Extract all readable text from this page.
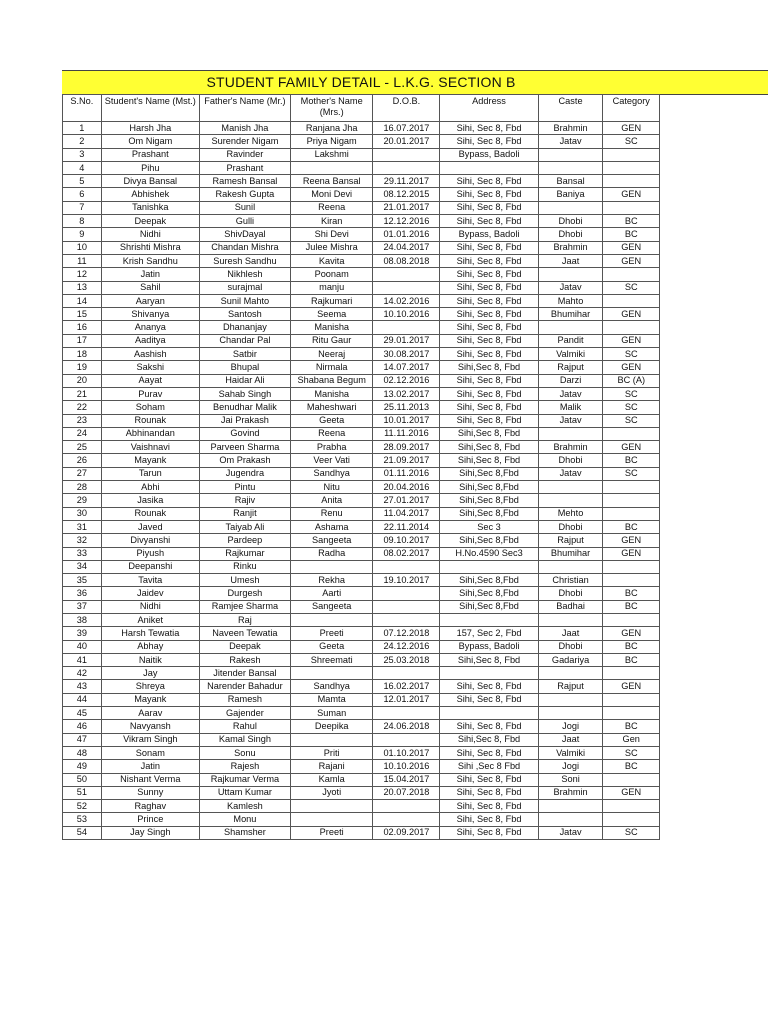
STUDENT FAMILY DETAIL - L.K.G. SECTION B
S.No.	Student's Name (Mst.)	Father's Name (Mr.)	Mother's Name (Mrs.)	D.O.B.	Address	Caste	Category
1	Harsh Jha	Manish Jha	Ranjana Jha	16.07.2017	Sihi, Sec 8, Fbd	Brahmin	GEN
2	Om Nigam	Surender Nigam	Priya Nigam	20.01.2017	Sihi, Sec 8, Fbd	Jatav	SC
3	Prashant	Ravinder	Lakshmi		Bypass, Badoli		
4	Pihu	Prashant					
5	Divya Bansal	Ramesh Bansal	Reena Bansal	29.11.2017	Sihi, Sec 8, Fbd	Bansal	
6	Abhishek	Rakesh Gupta	Moni Devi	08.12.2015	Sihi, Sec 8, Fbd	Baniya	GEN
7	Tanishka	Sunil	Reena	21.01.2017	Sihi, Sec 8, Fbd		
8	Deepak	Gulli	Kiran	12.12.2016	Sihi, Sec 8, Fbd	Dhobi	BC
9	Nidhi	ShivDayal	Shi Devi	01.01.2016	Bypass, Badoli	Dhobi	BC
10	Shrishti Mishra	Chandan Mishra	Julee Mishra	24.04.2017	Sihi, Sec 8, Fbd	Brahmin	GEN
11	Krish Sandhu	Suresh Sandhu	Kavita	08.08.2018	Sihi, Sec 8, Fbd	Jaat	GEN
12	Jatin	Nikhlesh	Poonam		Sihi, Sec 8, Fbd		
13	Sahil	surajmal	manju		Sihi, Sec 8, Fbd	Jatav	SC
14	Aaryan	Sunil Mahto	Rajkumari	14.02.2016	Sihi, Sec 8, Fbd	Mahto	
15	Shivanya	Santosh	Seema	10.10.2016	Sihi, Sec 8, Fbd	Bhumihar	GEN
16	Ananya	Dhananjay	Manisha		Sihi, Sec 8, Fbd		
17	Aaditya	Chandar Pal	Ritu Gaur	29.01.2017	Sihi, Sec 8, Fbd	Pandit	GEN
18	Aashish	Satbir	Neeraj	30.08.2017	Sihi, Sec 8, Fbd	Valmiki	SC
19	Sakshi	Bhupal	Nirmala	14.07.2017	Sihi,Sec 8, Fbd	Rajput	GEN
20	Aayat	Haidar Ali	Shabana Begum	02.12.2016	Sihi, Sec 8, Fbd	Darzi	BC (A)
21	Purav	Sahab Singh	Manisha	13.02.2017	Sihi, Sec 8, Fbd	Jatav	SC
22	Soham	Benudhar Malik	Maheshwari	25.11.2013	Sihi, Sec 8, Fbd	Malik	SC
23	Rounak	Jai Prakash	Geeta	10.01.2017	Sihi, Sec 8, Fbd	Jatav	SC
24	Abhinandan	Govind	Reena	11.11.2016	Sihi,Sec 8, Fbd		
25	Vaishnavi	Parveen Sharma	Prabha	28.09.2017	Sihi,Sec 8, Fbd	Brahmin	GEN
26	Mayank	Om Prakash	Veer Vati	21.09.2017	Sihi,Sec 8, Fbd	Dhobi	BC
27	Tarun	Jugendra	Sandhya	01.11.2016	Sihi,Sec 8,Fbd	Jatav	SC
28	Abhi	Pintu	Nitu	20.04.2016	Sihi,Sec 8,Fbd		
29	Jasika	Rajiv	Anita	27.01.2017	Sihi,Sec 8,Fbd		
30	Rounak	Ranjit	Renu	11.04.2017	Sihi,Sec 8,Fbd	Mehto	
31	Javed	Taiyab Ali	Ashama	22.11.2014	Sec 3	Dhobi	BC
32	Divyanshi	Pardeep	Sangeeta	09.10.2017	Sihi,Sec 8,Fbd	Rajput	GEN
33	Piyush	Rajkumar	Radha	08.02.2017	H.No.4590 Sec3	Bhumihar	GEN
34	Deepanshi	Rinku					
35	Tavita	Umesh	Rekha	19.10.2017	Sihi,Sec 8,Fbd	Christian	
36	Jaidev	Durgesh	Aarti		Sihi,Sec 8,Fbd	Dhobi	BC
37	Nidhi	Ramjee Sharma	Sangeeta		Sihi,Sec 8,Fbd	Badhai	BC
38	Aniket	Raj					
39	Harsh Tewatia	Naveen Tewatia	Preeti	07.12.2018	157, Sec 2, Fbd	Jaat	GEN
40	Abhay	Deepak	Geeta	24.12.2016	Bypass, Badoli	Dhobi	BC
41	Naitik	Rakesh	Shreemati	25.03.2018	Sihi,Sec 8, Fbd	Gadariya	BC
42	Jay	Jitender Bansal					
43	Shreya	Narender Bahadur	Sandhya	16.02.2017	Sihi, Sec 8, Fbd	Rajput	GEN
44	Mayank	Ramesh	Mamta	12.01.2017	Sihi, Sec 8, Fbd		
45	Aarav	Gajender	Suman				
46	Navyansh	Rahul	Deepika	24.06.2018	Sihi, Sec 8, Fbd	Jogi	BC
47	Vikram Singh	Kamal Singh			Sihi,Sec 8, Fbd	Jaat	Gen
48	Sonam	Sonu	Priti	01.10.2017	Sihi, Sec 8, Fbd	Valmiki	SC
49	Jatin	Rajesh	Rajani	10.10.2016	Sihi ,Sec 8 Fbd	Jogi	BC
50	Nishant Verma	Rajkumar Verma	Kamla	15.04.2017	Sihi, Sec 8, Fbd	Soni	
51	Sunny	Uttam Kumar	Jyoti	20.07.2018	Sihi, Sec 8, Fbd	Brahmin	GEN
52	Raghav	Kamlesh			Sihi, Sec 8, Fbd		
53	Prince	Monu			Sihi, Sec 8, Fbd		
54	Jay Singh	Shamsher	Preeti	02.09.2017	Sihi, Sec 8, Fbd	Jatav	SC
